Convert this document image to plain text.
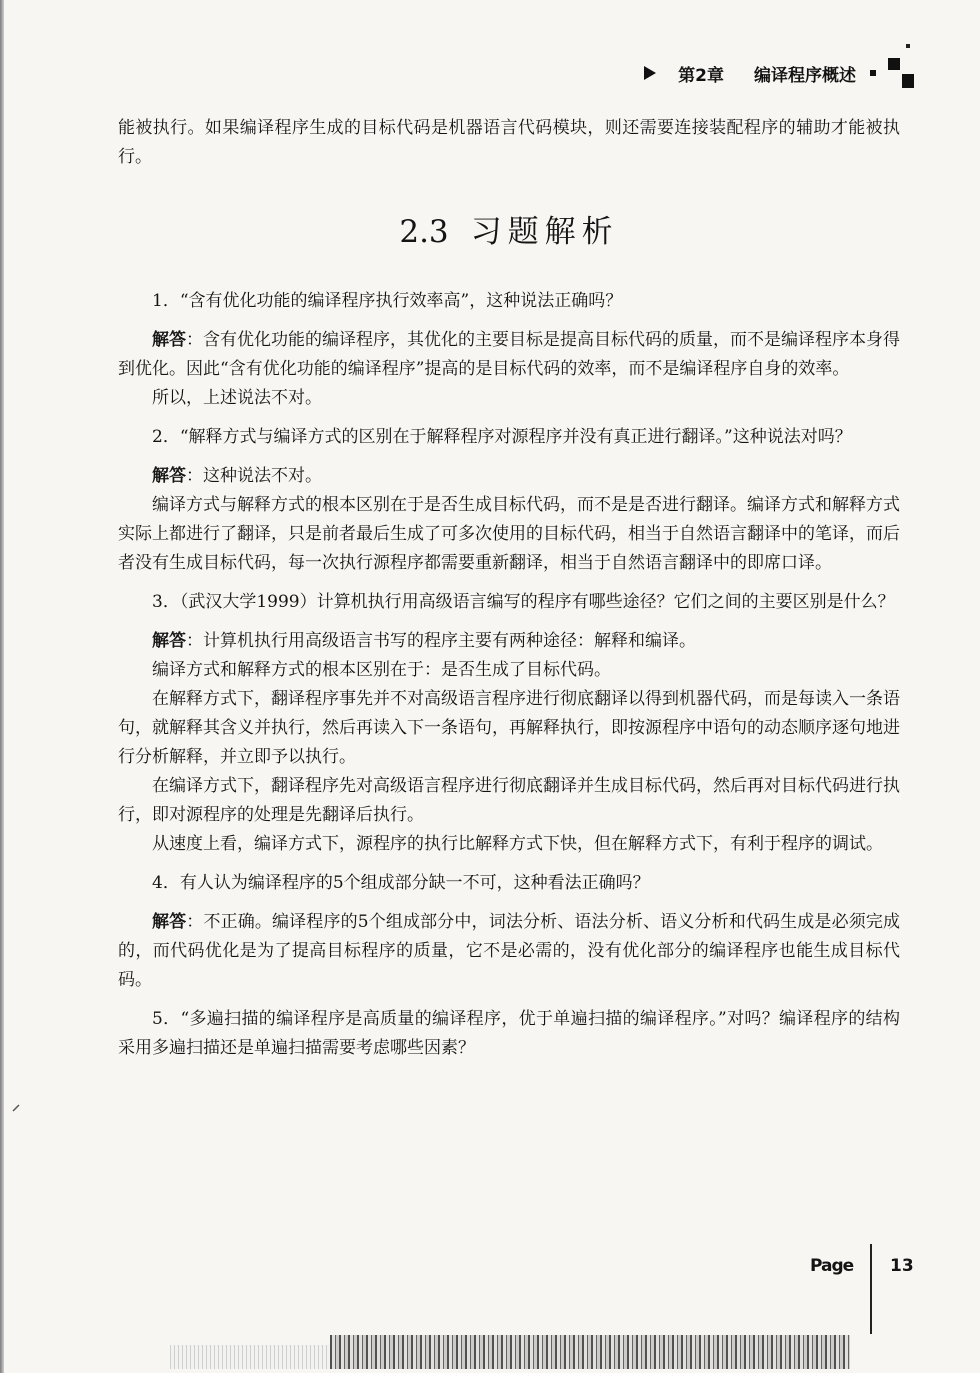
第2章 编译程序概述

能被执行。如果编译程序生成的目标代码是机器语言代码模块，则还需要连接装配程序的辅助才能被执行。

2.3 习题解析

1．“含有优化功能的编译程序执行效率高”，这种说法正确吗？

解答：含有优化功能的编译程序，其优化的主要目标是提高目标代码的质量，而不是编译程序本身得到优化。因此“含有优化功能的编译程序”提高的是目标代码的效率，而不是编译程序自身的效率。

所以，上述说法不对。

2．“解释方式与编译方式的区别在于解释程序对源程序并没有真正进行翻译。”这种说法对吗？

解答：这种说法不对。

编译方式与解释方式的根本区别在于是否生成目标代码，而不是是否进行翻译。编译方式和解释方式实际上都进行了翻译，只是前者最后生成了可多次使用的目标代码，相当于自然语言翻译中的笔译，而后者没有生成目标代码，每一次执行源程序都需要重新翻译，相当于自然语言翻译中的即席口译。

3．（武汉大学1999）计算机执行用高级语言编写的程序有哪些途径？它们之间的主要区别是什么？

解答：计算机执行用高级语言书写的程序主要有两种途径：解释和编译。

编译方式和解释方式的根本区别在于：是否生成了目标代码。

在解释方式下，翻译程序事先并不对高级语言程序进行彻底翻译以得到机器代码，而是每读入一条语句，就解释其含义并执行，然后再读入下一条语句，再解释执行，即按源程序中语句的动态顺序逐句地进行分析解释，并立即予以执行。

在编译方式下，翻译程序先对高级语言程序进行彻底翻译并生成目标代码，然后再对目标代码进行执行，即对源程序的处理是先翻译后执行。

从速度上看，编译方式下，源程序的执行比解释方式下快，但在解释方式下，有利于程序的调试。

4．有人认为编译程序的5个组成部分缺一不可，这种看法正确吗？

解答：不正确。编译程序的5个组成部分中，词法分析、语法分析、语义分析和代码生成是必须完成的，而代码优化是为了提高目标程序的质量，它不是必需的，没有优化部分的编译程序也能生成目标代码。

5．“多遍扫描的编译程序是高质量的编译程序，优于单遍扫描的编译程序。”对吗？编译程序的结构采用多遍扫描还是单遍扫描需要考虑哪些因素？

Page 13
